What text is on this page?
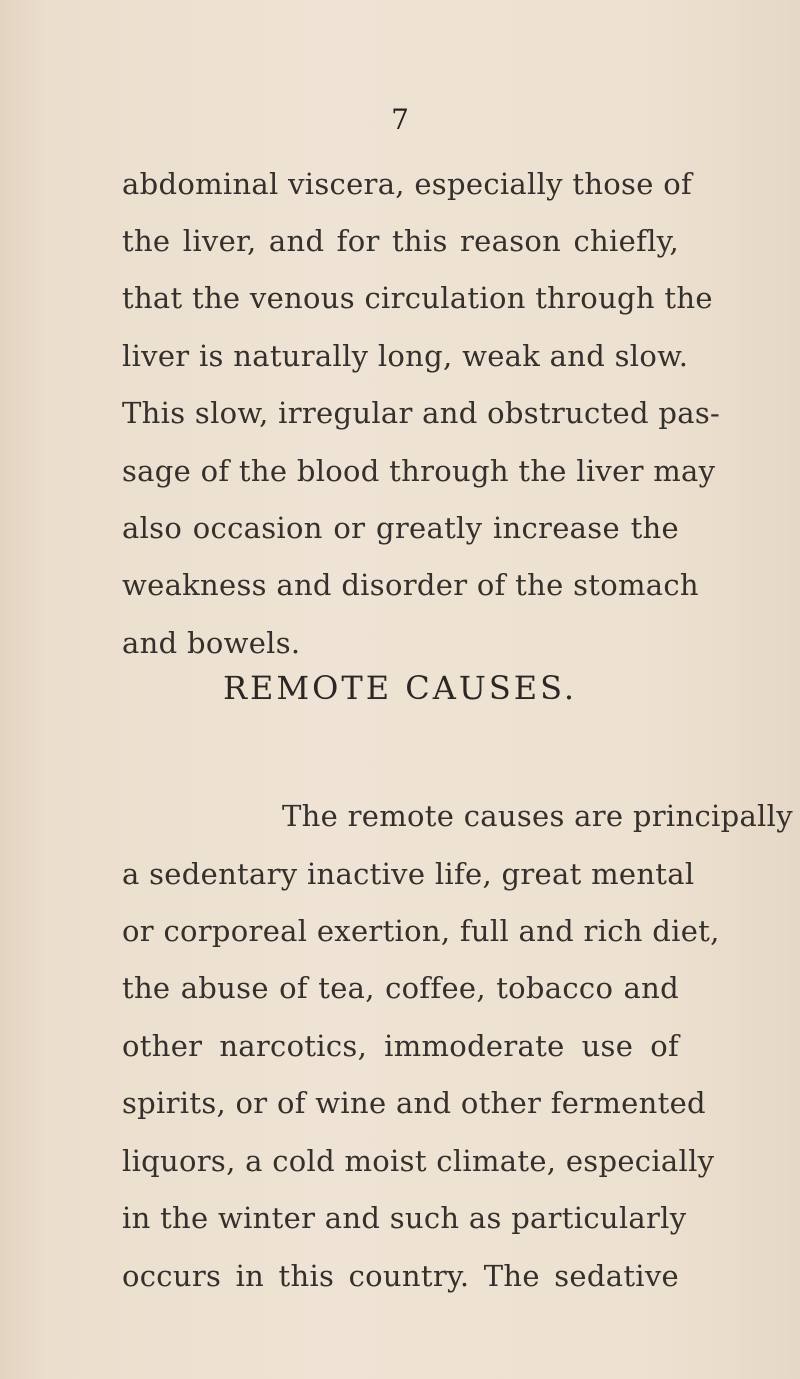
7
abdominal viscera, especially those of
the liver, and for this reason chiefly,
that the venous circulation through the
liver is naturally long, weak and slow.
This slow, irregular and obstructed pas-
sage of the blood through the liver may
also occasion or greatly increase the
weakness and disorder of the stomach
and bowels.
REMOTE CAUSES.
The remote causes are principally
a sedentary inactive life, great mental
or corporeal exertion, full and rich diet,
the abuse of tea, coffee, tobacco and
other narcotics, immoderate use of
spirits, or of wine and other fermented
liquors, a cold moist climate, especially
in the winter and such as particularly
occurs in this country. The sedative
